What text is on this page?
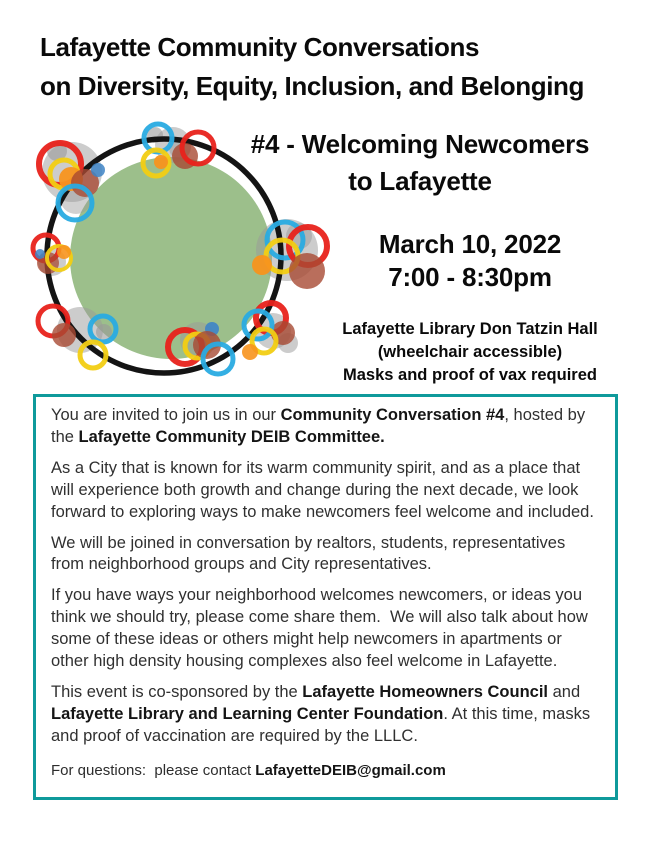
Lafayette Community Conversations
on Diversity, Equity, Inclusion, and Belonging
#4 - Welcoming Newcomers
to Lafayette
March 10, 2022
7:00 - 8:30pm
Lafayette Library Don Tatzin Hall
(wheelchair accessible)
Masks and proof of vax required

You are invited to join us in our Community Conversation #4, hosted by the Lafayette Community DEIB Committee.

As a City that is known for its warm community spirit, and as a place that will experience both growth and change during the next decade, we look forward to exploring ways to make newcomers feel welcome and included.

We will be joined in conversation by realtors, students, representatives from neighborhood groups and City representatives.

If you have ways your neighborhood welcomes newcomers, or ideas you think we should try, please come share them.  We will also talk about how some of these ideas or others might help newcomers in apartments or other high density housing complexes also feel welcome in Lafayette.

This event is co-sponsored by the Lafayette Homeowners Council and Lafayette Library and Learning Center Foundation. At this time, masks and proof of vaccination are required by the LLLC.

For questions:  please contact LafayetteDEIB@gmail.com
